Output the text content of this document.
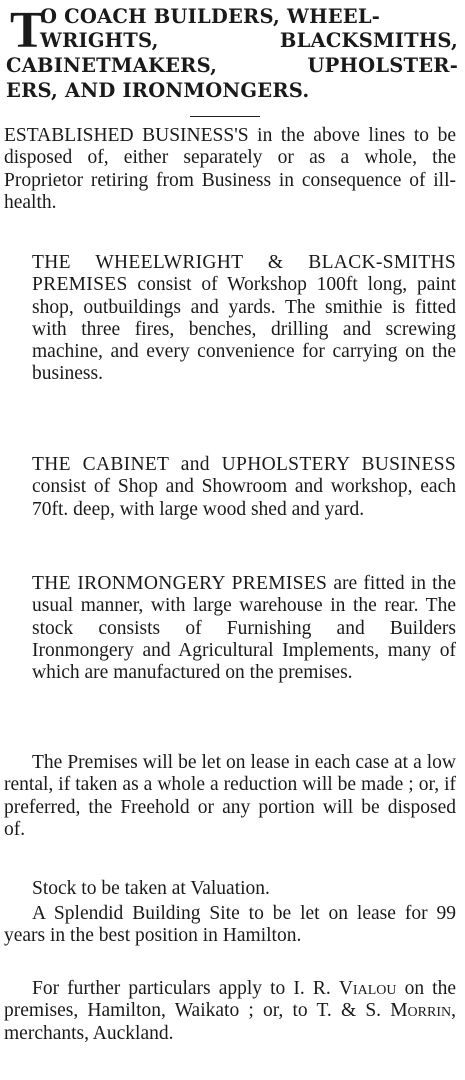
T
O COACH BUILDERS, WHEEL-
WRIGHTS, BLACKSMITHS,
CABINETMAKERS, UPHOLSTER-
ERS, AND IRONMONGERS.
ESTABLISHED BUSINESS'S in the above lines to be disposed of, either separately or as a whole, the Proprietor retiring from Business in consequence of ill-health.
THE WHEELWRIGHT & BLACK-SMITHS PREMISES consist of Workshop 100ft long, paint shop, outbuildings and yards. The smithie is fitted with three fires, benches, drilling and screwing machine, and every convenience for carrying on the business.
THE CABINET and UPHOLSTERY BUSINESS consist of Shop and Showroom and workshop, each 70ft. deep, with large wood shed and yard.
THE IRONMONGERY PREMISES are fitted in the usual manner, with large warehouse in the rear. The stock consists of Furnishing and Builders Ironmongery and Agricultural Implements, many of which are manufactured on the premises.
The Premises will be let on lease in each case at a low rental, if taken as a whole a reduction will be made ; or, if preferred, the Freehold or any portion will be disposed of.
Stock to be taken at Valuation.
A Splendid Building Site to be let on lease for 99 years in the best position in Hamilton.
For further particulars apply to I. R. Vialou on the premises, Hamilton, Waikato ; or, to T. & S. Morrin, merchants, Auckland.
